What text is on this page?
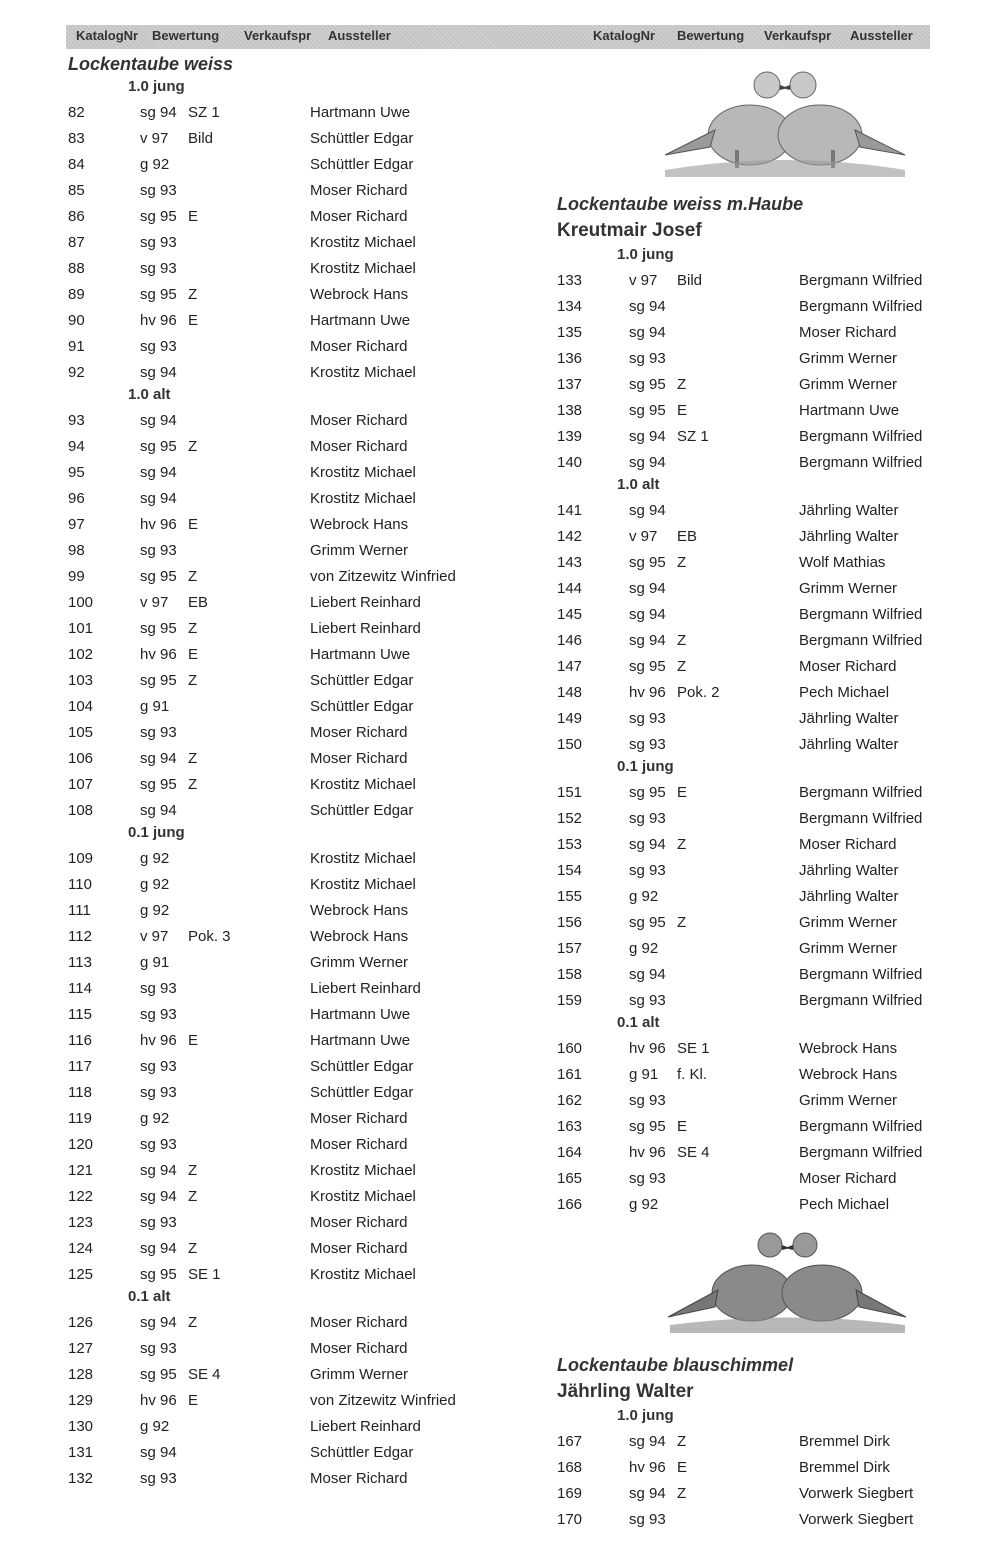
KatalogNr Bewertung Verkaufspr Aussteller	KatalogNr Bewertung Verkaufspr Aussteller
Lockentaube weiss
1.0 jung
82	sg 94 SZ 1	Hartmann Uwe
83	v 97 Bild	Schüttler Edgar
84	g 92	Schüttler Edgar
85	sg 93	Moser Richard
86	sg 95 E	Moser Richard
87	sg 93	Krostitz Michael
88	sg 93	Krostitz Michael
89	sg 95 Z	Webrock Hans
90	hv 96 E	Hartmann Uwe
91	sg 93	Moser Richard
92	sg 94	Krostitz Michael
1.0 alt
93	sg 94	Moser Richard
94	sg 95 Z	Moser Richard
95	sg 94	Krostitz Michael
96	sg 94	Krostitz Michael
97	hv 96 E	Webrock Hans
98	sg 93	Grimm Werner
99	sg 95 Z	von Zitzewitz Winfried
100	v 97 EB	Liebert Reinhard
101	sg 95 Z	Liebert Reinhard
102	hv 96 E	Hartmann Uwe
103	sg 95 Z	Schüttler Edgar
104	g 91	Schüttler Edgar
105	sg 93	Moser Richard
106	sg 94 Z	Moser Richard
107	sg 95 Z	Krostitz Michael
108	sg 94	Schüttler Edgar
0.1 jung
109	g 92	Krostitz Michael
110	g 92	Krostitz Michael
111	g 92	Webrock Hans
112	v 97 Pok. 3	Webrock Hans
113	g 91	Grimm Werner
114	sg 93	Liebert Reinhard
115	sg 93	Hartmann Uwe
116	hv 96 E	Hartmann Uwe
117	sg 93	Schüttler Edgar
118	sg 93	Schüttler Edgar
119	g 92	Moser Richard
120	sg 93	Moser Richard
121	sg 94 Z	Krostitz Michael
122	sg 94 Z	Krostitz Michael
123	sg 93	Moser Richard
124	sg 94 Z	Moser Richard
125	sg 95 SE 1	Krostitz Michael
0.1 alt
126	sg 94 Z	Moser Richard
127	sg 93	Moser Richard
128	sg 95 SE 4	Grimm Werner
129	hv 96 E	von Zitzewitz Winfried
130	g 92	Liebert Reinhard
131	sg 94	Schüttler Edgar
132	sg 93	Moser Richard
Lockentaube weiss m.Haube
Kreutmair Josef
1.0 jung
133	v 97 Bild	Bergmann Wilfried
134	sg 94	Bergmann Wilfried
135	sg 94	Moser Richard
136	sg 93	Grimm Werner
137	sg 95 Z	Grimm Werner
138	sg 95 E	Hartmann Uwe
139	sg 94 SZ 1	Bergmann Wilfried
140	sg 94	Bergmann Wilfried
1.0 alt
141	sg 94	Jährling Walter
142	v 97 EB	Jährling Walter
143	sg 95 Z	Wolf Mathias
144	sg 94	Grimm Werner
145	sg 94	Bergmann Wilfried
146	sg 94 Z	Bergmann Wilfried
147	sg 95 Z	Moser Richard
148	hv 96 Pok. 2	Pech Michael
149	sg 93	Jährling Walter
150	sg 93	Jährling Walter
0.1 jung
151	sg 95 E	Bergmann Wilfried
152	sg 93	Bergmann Wilfried
153	sg 94 Z	Moser Richard
154	sg 93	Jährling Walter
155	g 92	Jährling Walter
156	sg 95 Z	Grimm Werner
157	g 92	Grimm Werner
158	sg 94	Bergmann Wilfried
159	sg 93	Bergmann Wilfried
0.1 alt
160	hv 96 SE 1	Webrock Hans
161	g 91 f. Kl.	Webrock Hans
162	sg 93	Grimm Werner
163	sg 95 E	Bergmann Wilfried
164	hv 96 SE 4	Bergmann Wilfried
165	sg 93	Moser Richard
166	g 92	Pech Michael
Lockentaube blauschimmel
Jährling Walter
1.0 jung
167	sg 94 Z	Bremmel Dirk
168	hv 96 E	Bremmel Dirk
169	sg 94 Z	Vorwerk Siegbert
170	sg 93	Vorwerk Siegbert
